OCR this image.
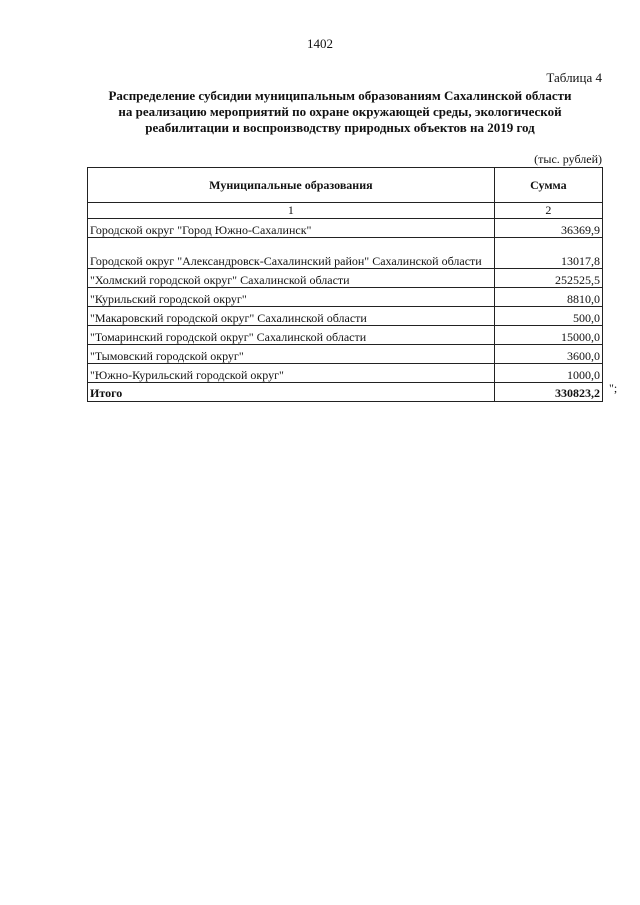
1402
Таблица 4
Распределение субсидии муниципальным образованиям Сахалинской области
на реализацию мероприятий по охране окружающей среды, экологической
реабилитации и воспроизводству природных объектов на 2019 год
(тыс. рублей)
Муниципальные образования	Сумма
1	2
Городской округ "Город Южно-Сахалинск"	36369,9
Городской округ "Александровск-Сахалинский район" Сахалинской области	13017,8
"Холмский городской округ" Сахалинской области	252525,5
"Курильский городской округ"	8810,0
"Макаровский городской округ" Сахалинской области	500,0
"Томаринский городской округ" Сахалинской области	15000,0
"Тымовский городской округ"	3600,0
"Южно-Курильский городской округ"	1000,0
Итого	330823,2 ";
